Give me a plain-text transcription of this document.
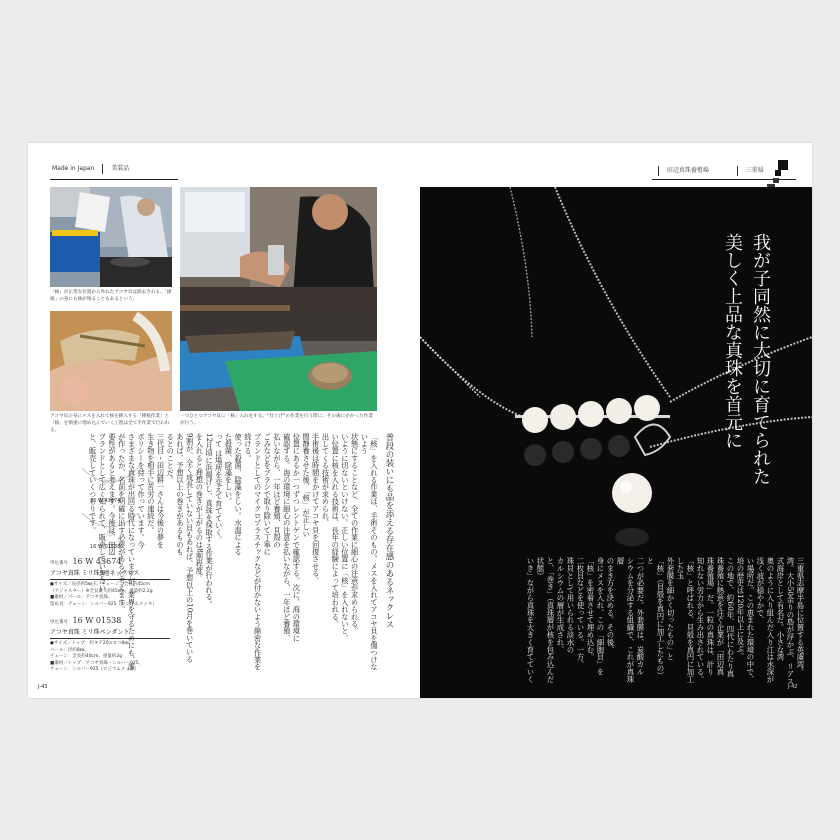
Made in Japan	美装品
「核」が正常な位置から外れたアコヤ貝は除去される。「掻核」の身にも核が残ることもあるという。
アコヤ貝の身にメスを入れて核を挿入する「挿核作業」と「核」を慎重に埋め込んでいく工程は全て手作業で行われる。
一つひとつアコヤ貝に「核」入れをする。“仕上げ”の作業を行う際に、その歯にかかった作業が行う。
16 W 43674
16 W 01538
申込番号 16 W 43674
アコヤ真珠 ミリ珠5連ネックレス
●サイズ／長径約5㎜玉、チェーン：全長約45cm
（アジャスター）※全長最大約45cm、重量約2.2g
■素材／パール：アコヤ真珠、
留め具：チェーン：シルバー925（ロジウムメッキ）
申込番号 16 W 01538
アコヤ真珠 ミリ珠ペンダント
●サイズ／トップ：約タテ20×ヨコ8㎜、
パール：径約8㎜、
チェーン：全長約40cm、重量約2g
■素材／トップ：アコヤ真珠・シルバー925、
チェーン：シルバー925（ロジウムメッキ）
普段の装いにも品を添える存在感のあるネックレス
「核」を入れる作業は、手術そのもの。メスを入れてアコヤ貝を傷つけないよう
状態にすることなど、全ての作業に細心の注意が求められる。
いように切ないといけない。正しい位置に「核」を入れないと、
い位置に核を入れる技術は、長年の経験によって培われる。
出してくる技術が求められ、
手術後は時間をかけてアコヤ貝を回復させる。
間静養させた後、「核」が正しい
位置にあるか一つずつレントゲンで確認する。次に、海の環境に
確認する。海の環境に細心の注意を払いながら、一年ほど養殖、
払いながら、一年ほど養殖、貝殻の
ごみなどをブラシで取り除いて丁寧に
ブランドとしてのマイクロプラスチックなどが付かないよう綿密な作業を続ける。
使った殺菌、除藻をしい。水温による
た殺菌、除藻をしい。
って は場所を変えて育てていく。
12月頃に浜揚げし、真珠を採取する作業が行われる。
を入れると理想の巻きが上がるのは8割程度。
9割が、全く成長していない貝もあれば、予想以上の10月を巻いている
あれば、予想以上の巻きがあるものも
るとのことだ。
三代目・田辺耕一さんは今後の夢を
生き物を相手に苦労の連続だ。
ポリシーを持って作っています。今
さまざまな真珠が出回る時代になっていますが、業界を守るためにも、誰が作ったか、名前を明確に出す必要があると考えます。
要性があると考えます。今後は、田辺
ブランドとして広く知られて、販売していきたい
と、販売していくつもりです。
J-43
田辺真珠養殖場	三重県
我が子同然に大切に育てられた
美しく上品な真珠を首元に
三重県志摩半島に位置する英虞湾。
湾。大小50余りの島が浮かぶ、リアス式海岸として有名だ。小さな湾
奥のように入り組んだ入り江は水深が浅く波が穏やかで、
い場所だ。この恵まれた環境の中で、
培の歴史は120年以上に及ぶ。
この地で、約60年、四代にわたり真
珠養殖に熱意を注ぐ企業が「田辺真
珠養殖場」だ。一粒の真珠は、計り
知れない労力から生み出されている。
「核」と呼ばれる、貝殻を真円に加工した玉
外套膜を細かく切ったもの」と
「核」（貝殻を真円に加工したもの）と
二つが必要だ。外套膜は、炭酸カル
シウムを分泌する組織で、これが真珠層
のまき方を決める。その後、
身にメスを入れ、この「細胞貝」を
「核」を密着させて埋め込む。
二枚貝などを使っている。一方、
珠貝として用いられる淡水の
カルシウムの層が生成され、
と、「巻き」（真珠層が核を包み込んだ状態）
いき」ながら真珠を大きく育てていく
J-42
